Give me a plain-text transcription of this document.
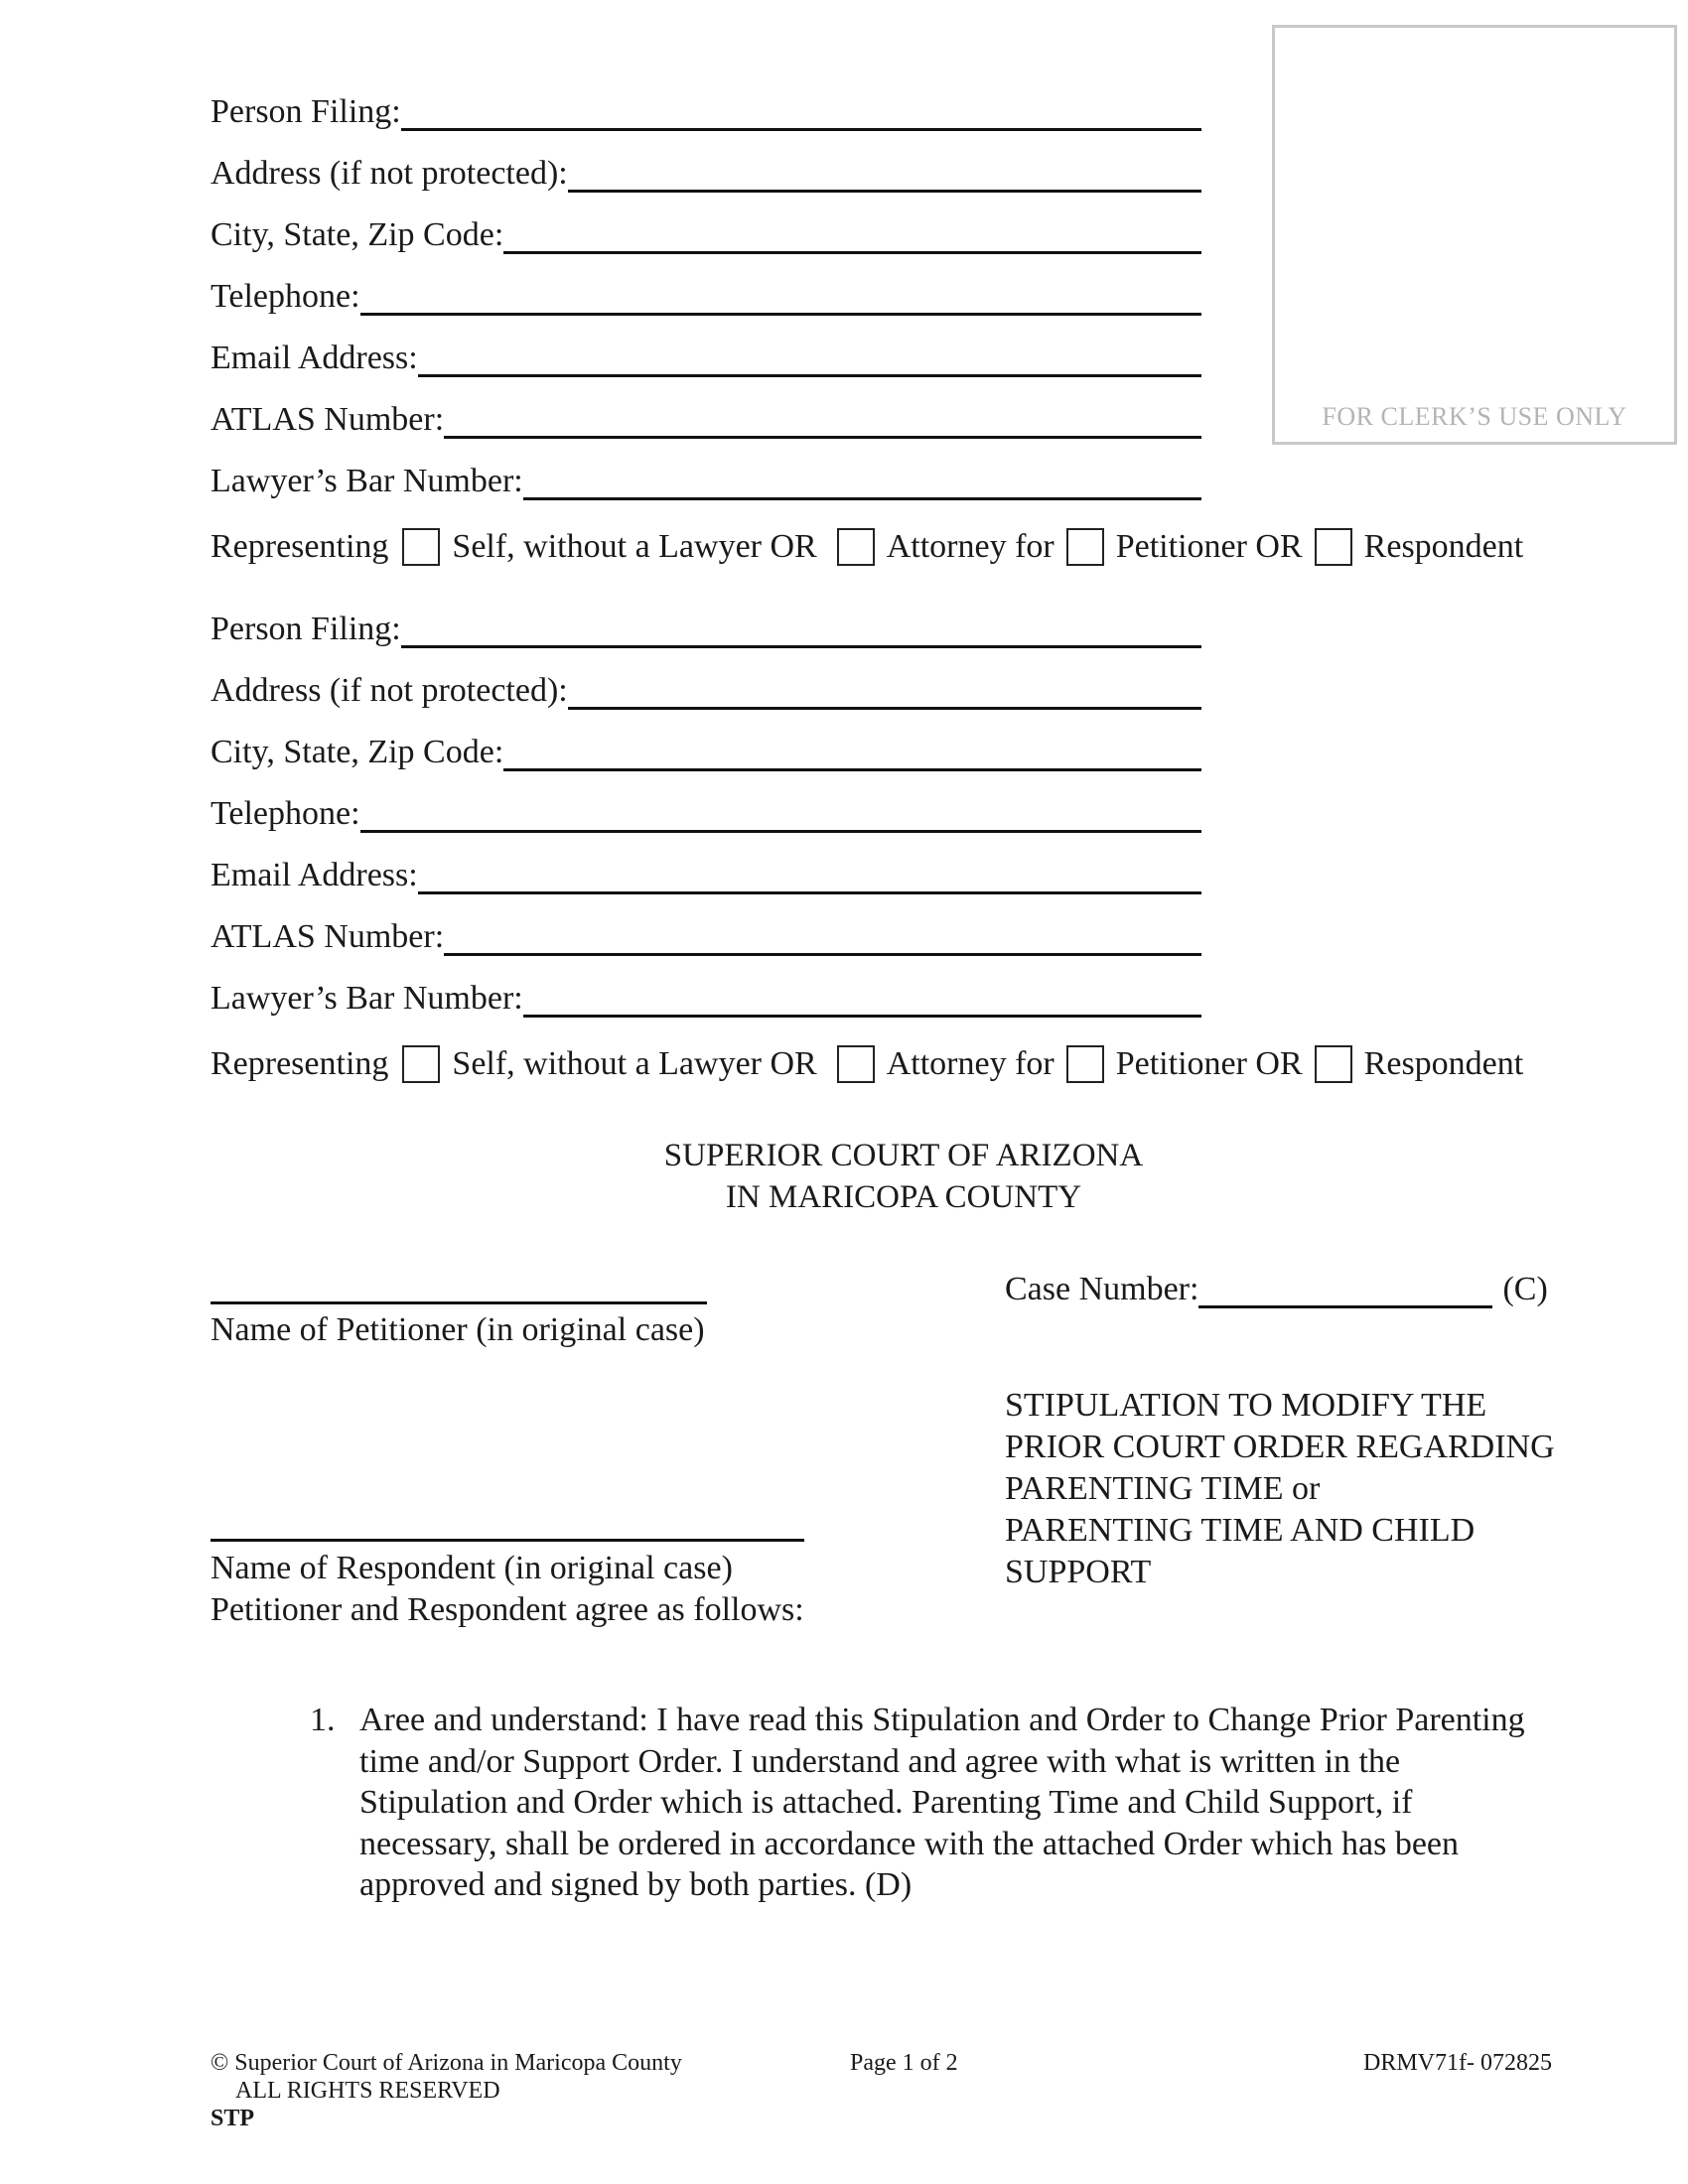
FOR CLERK’S USE ONLY
Person Filing:
Address (if not protected):
City, State, Zip Code:
Telephone:
Email Address:
ATLAS Number:
Lawyer’s Bar Number:
Representing Self, without a Lawyer OR Attorney for Petitioner OR Respondent
Person Filing:
Address (if not protected):
City, State, Zip Code:
Telephone:
Email Address:
ATLAS Number:
Lawyer’s Bar Number:
Representing Self, without a Lawyer OR Attorney for Petitioner OR Respondent
SUPERIOR COURT OF ARIZONA
IN MARICOPA COUNTY
Name of Petitioner (in original case)
Case Number:	(C)
STIPULATION TO MODIFY THE
PRIOR COURT ORDER REGARDING
PARENTING TIME or
PARENTING TIME AND CHILD
SUPPORT
Name of Respondent (in original case)
Petitioner and Respondent agree as follows:
1. Aree and understand: I have read this Stipulation and Order to Change Prior Parenting
time and/or Support Order. I understand and agree with what is written in the
Stipulation and Order which is attached. Parenting Time and Child Support, if
necessary, shall be ordered in accordance with the attached Order which has been
approved and signed by both parties. (D)
© Superior Court of Arizona in Maricopa County
ALL RIGHTS RESERVED
STP
Page 1 of 2	DRMV71f- 072825
